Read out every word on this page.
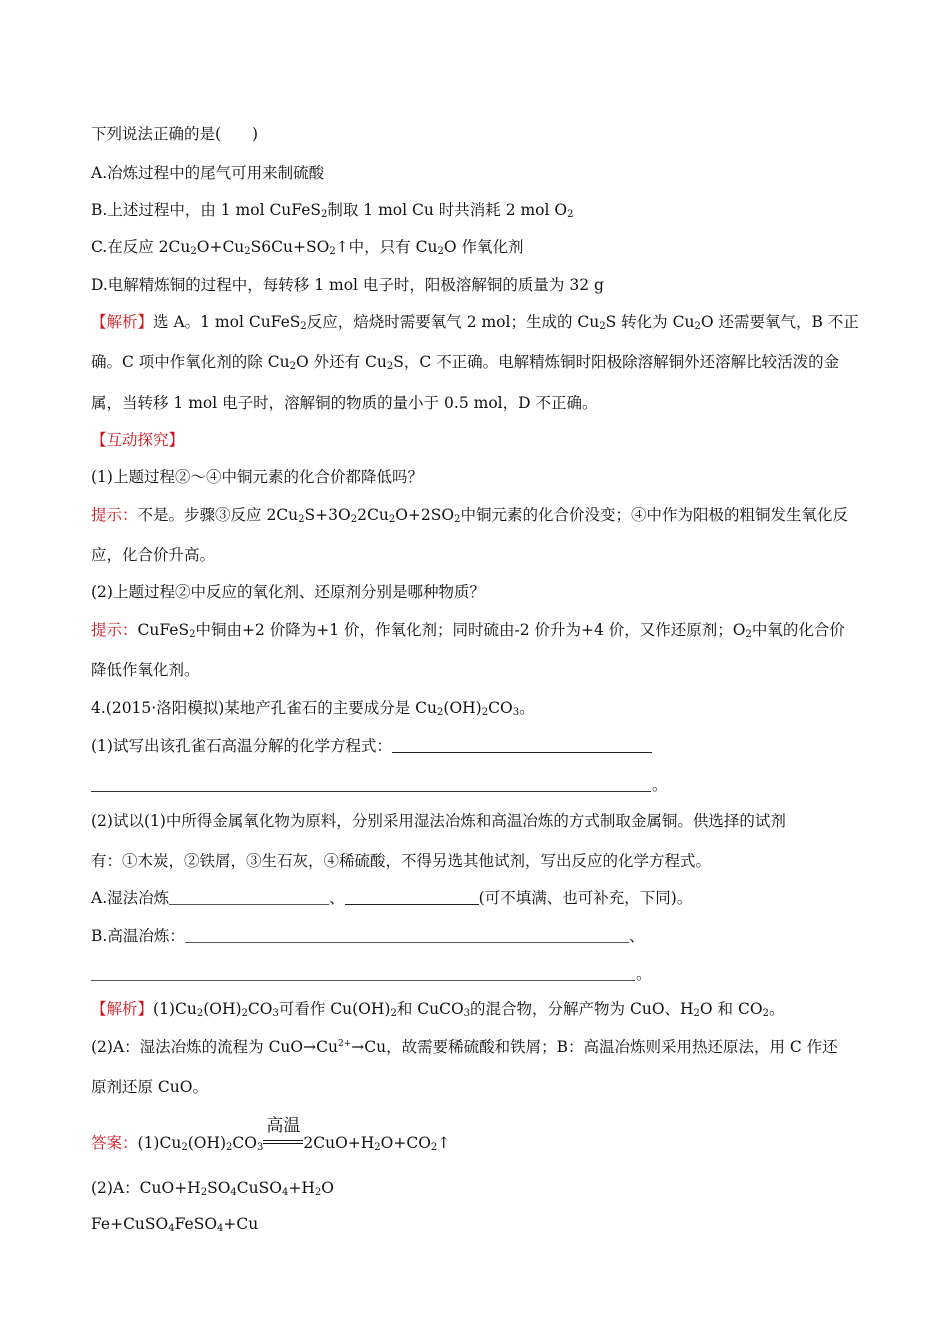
下列说法正确的是(　　)
A.冶炼过程中的尾气可用来制硫酸
B.上述过程中，由 1 mol CuFeS$_2$制取 1 mol Cu 时共消耗 2 mol $O_2$
C.在反应 $2Cu_2O+Cu_2S6Cu+SO_2↑$中，只有 $Cu_2O$ 作氧化剂
D.电解精炼铜的过程中，每转移 1 mol 电子时，阳极溶解铜的质量为 32 g
【解析】选 A。1 mol CuFeS$_2$反应，焙烧时需要氧气 2 mol；生成的 $Cu_2S$ 转化为 $Cu_2O$ 还需要氧气，B 不正
确。C 项中作氧化剂的除 $Cu_2O$ 外还有 $Cu_2S$，C 不正确。电解精炼铜时阳极除溶解铜外还溶解比较活泼的金
属，当转移 1 mol 电子时，溶解铜的物质的量小于 0.5 mol，D 不正确。
【互动探究】
(1)上题过程②～④中铜元素的化合价都降低吗？
提示：不是。步骤③反应 $2Cu_2S+3O_22Cu_2O+2SO_2$中铜元素的化合价没变；④中作为阳极的粗铜发生氧化反
应，化合价升高。
(2)上题过程②中反应的氧化剂、还原剂分别是哪种物质？
提示：CuFeS$_2$中铜由+2 价降为+1 价，作氧化剂；同时硫由-2 价升为+4 价，又作还原剂；$O_2$中氧的化合价
降低作氧化剂。
4.(2015·洛阳模拟)某地产孔雀石的主要成分是 $Cu_2(OH)_2CO_3$。
(1)试写出该孔雀石高温分解的化学方程式：
。
(2)试以(1)中所得金属氧化物为原料，分别采用湿法冶炼和高温冶炼的方式制取金属铜。供选择的试剂
有：①木炭，②铁屑，③生石灰，④稀硫酸，不得另选其他试剂，写出反应的化学方程式。
A.湿法冶炼	、	(可不填满、也可补充，下同)。
B.高温冶炼：	、
。
【解析】$(1)Cu_2(OH)_2CO_3$可看作 $Cu(OH)_2$和 CuCO$_3$的混合物，分解产物为 CuO、$H_2O$ 和 $CO_2$。
(2)A：湿法冶炼的流程为 $CuO\to Cu^{2+}\to Cu$，故需要稀硫酸和铁屑；B：高温冶炼则采用热还原法，用 C 作还
原剂还原 CuO。
答案：$(1)Cu_2(OH)_2CO_3$
高温
$2CuO+H_2O+CO_2↑$
(2)A：$CuO+H_2SO_4CuSO_4+H_2O$
Fe+CuSO$_4$FeSO$_4$+Cu
